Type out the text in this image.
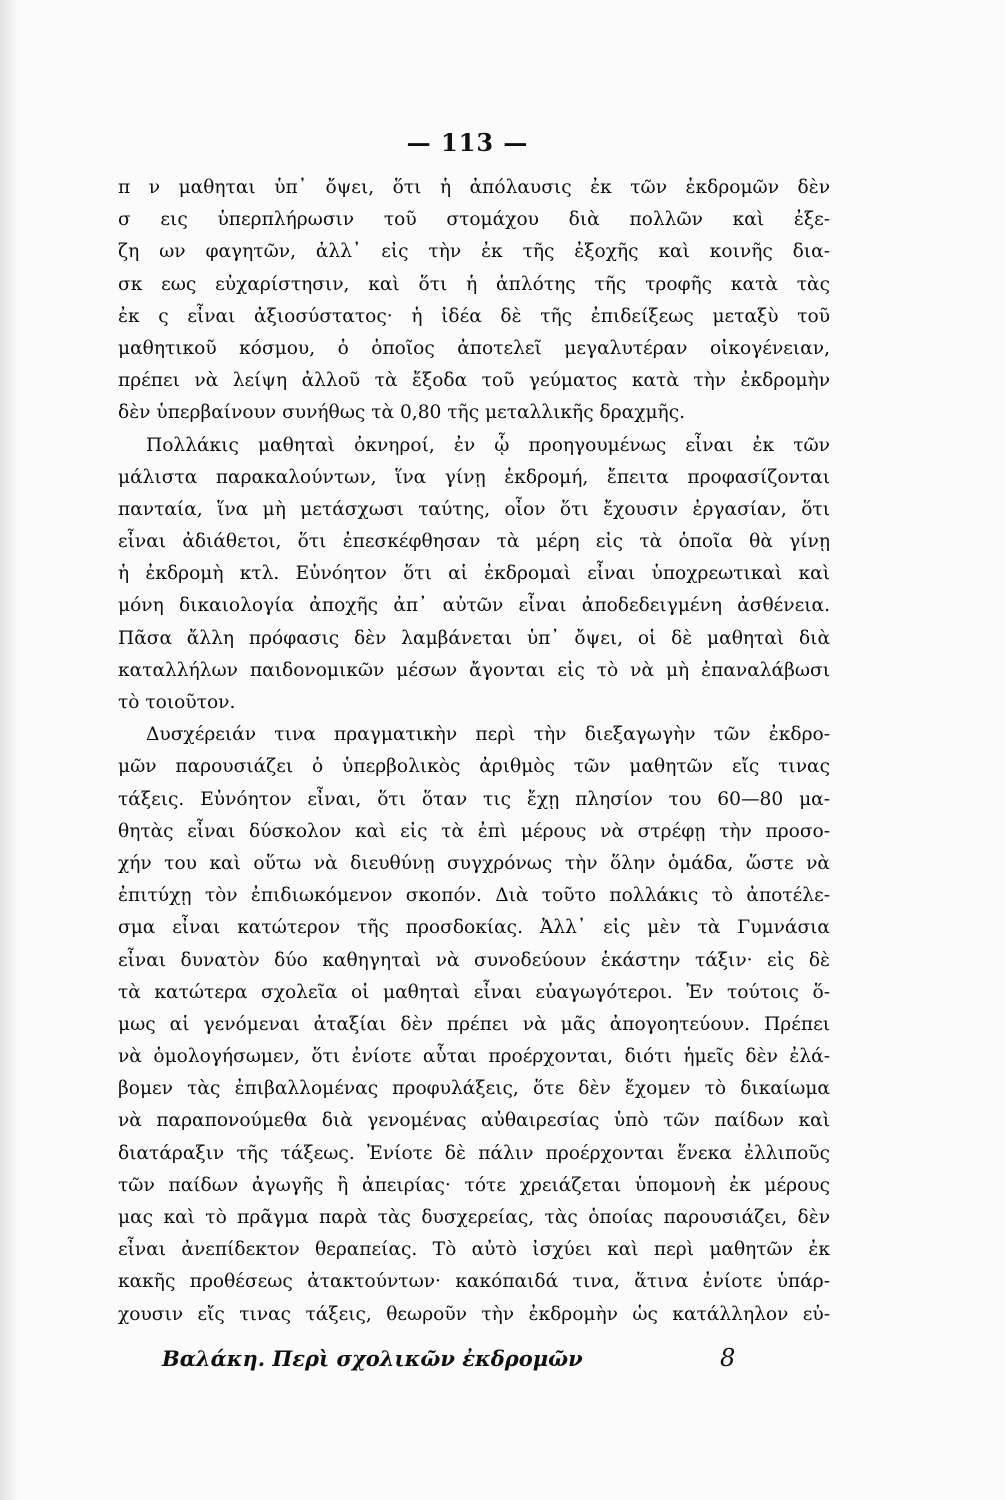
— 113 —
π ν μαθηται ὑπ᾽ ὄψει, ὅτι ἡ ἀπόλαυσις ἐκ τῶν ἐκδρομῶν δὲν
σ εις ὑπερπλήρωσιν τοῦ στομάχου διὰ πολλῶν καὶ ἐξε-
ζη ων φαγητῶν, ἀλλ᾽ εἰς τὴν ἐκ τῆς ἐξοχῆς καὶ κοινῆς δια-
σκ εως εὐχαρίστησιν, καὶ ὅτι ἡ ἁπλότης τῆς τροφῆς κατὰ τὰς
ἐκ ς εἶναι ἀξιοσύστατος· ἡ ἰδέα δὲ τῆς ἐπιδείξεως μεταξὺ τοῦ
μαθητικοῦ κόσμου, ὁ ὁποῖος ἀποτελεῖ μεγαλυτέραν οἰκογένειαν,
πρέπει νὰ λείψη ἀλλοῦ τὰ ἔξοδα τοῦ γεύματος κατὰ τὴν ἐκδρομὴν
δὲν ὑπερβαίνουν συνήθως τὰ 0,80 τῆς μεταλλικῆς δραχμῆς.
Πολλάκις μαθηταὶ ὀκνηροί, ἐν ᾧ προηγουμένως εἶναι ἐκ τῶν
μάλιστα παρακαλούντων, ἵνα γίνῃ ἐκδρομή, ἔπειτα προφασίζονται
πανταία, ἵνα μὴ μετάσχωσι ταύτης, οἷον ὅτι ἔχουσιν ἐργασίαν, ὅτι
εἶναι ἀδιάθετοι, ὅτι ἐπεσκέφθησαν τὰ μέρη εἰς τὰ ὁποῖα θὰ γίνῃ
ἡ ἐκδρομὴ κτλ. Εὐνόητον ὅτι αἱ ἐκδρομαὶ εἶναι ὑποχρεωτικαὶ καὶ
μόνη δικαιολογία ἀποχῆς ἀπ᾽ αὐτῶν εἶναι ἀποδεδειγμένη ἀσθένεια.
Πᾶσα ἄλλη πρόφασις δὲν λαμβάνεται ὑπ᾽ ὄψει, οἱ δὲ μαθηταὶ διὰ
καταλλήλων παιδονομικῶν μέσων ἄγονται εἰς τὸ νὰ μὴ ἐπαναλάβωσι
τὸ τοιοῦτον.
Δυσχέρειάν τινα πραγματικὴν περὶ τὴν διεξαγωγὴν τῶν ἐκδρο-
μῶν παρουσιάζει ὁ ὑπερβολικὸς ἀριθμὸς τῶν μαθητῶν εἴς τινας
τάξεις. Εὐνόητον εἶναι, ὅτι ὅταν τις ἔχῃ πλησίον του 60—80 μα-
θητὰς εἶναι δύσκολον καὶ εἰς τὰ ἐπὶ μέρους νὰ στρέφῃ τὴν προσο-
χήν του καὶ οὕτω νὰ διευθύνῃ συγχρόνως τὴν ὅλην ὁμάδα, ὥστε νὰ
ἐπιτύχῃ τὸν ἐπιδιωκόμενον σκοπόν. Διὰ τοῦτο πολλάκις τὸ ἀποτέλε-
σμα εἶναι κατώτερον τῆς προσδοκίας. Ἀλλ᾽ εἰς μὲν τὰ Γυμνάσια
εἶναι δυνατὸν δύο καθηγηταὶ νὰ συνοδεύουν ἑκάστην τάξιν· εἰς δὲ
τὰ κατώτερα σχολεῖα οἱ μαθηταὶ εἶναι εὐαγωγότεροι. Ἐν τούτοις ὅ-
μως αἱ γενόμεναι ἀταξίαι δὲν πρέπει νὰ μᾶς ἀπογοητεύουν. Πρέπει
νὰ ὁμολογήσωμεν, ὅτι ἐνίοτε αὗται προέρχονται, διότι ἡμεῖς δὲν ἐλά-
βομεν τὰς ἐπιβαλλομένας προφυλάξεις, ὅτε δὲν ἔχομεν τὸ δικαίωμα
νὰ παραπονούμεθα διὰ γενομένας αὐθαιρεσίας ὑπὸ τῶν παίδων καὶ
διατάραξιν τῆς τάξεως. Ἐνίοτε δὲ πάλιν προέρχονται ἕνεκα ἐλλιποῦς
τῶν παίδων ἀγωγῆς ἢ ἀπειρίας· τότε χρειάζεται ὑπομονὴ ἐκ μέρους
μας καὶ τὸ πρᾶγμα παρὰ τὰς δυσχερείας, τὰς ὁποίας παρουσιάζει, δὲν
εἶναι ἀνεπίδεκτον θεραπείας. Τὸ αὐτὸ ἰσχύει καὶ περὶ μαθητῶν ἐκ
κακῆς προθέσεως ἀτακτούντων· κακόπαιδά τινα, ἅτινα ἐνίοτε ὑπάρ-
χουσιν εἴς τινας τάξεις, θεωροῦν τὴν ἐκδρομὴν ὡς κατάλληλον εὐ-
Βαλάκη. Περὶ σχολικῶν ἐκδρομῶν	8
